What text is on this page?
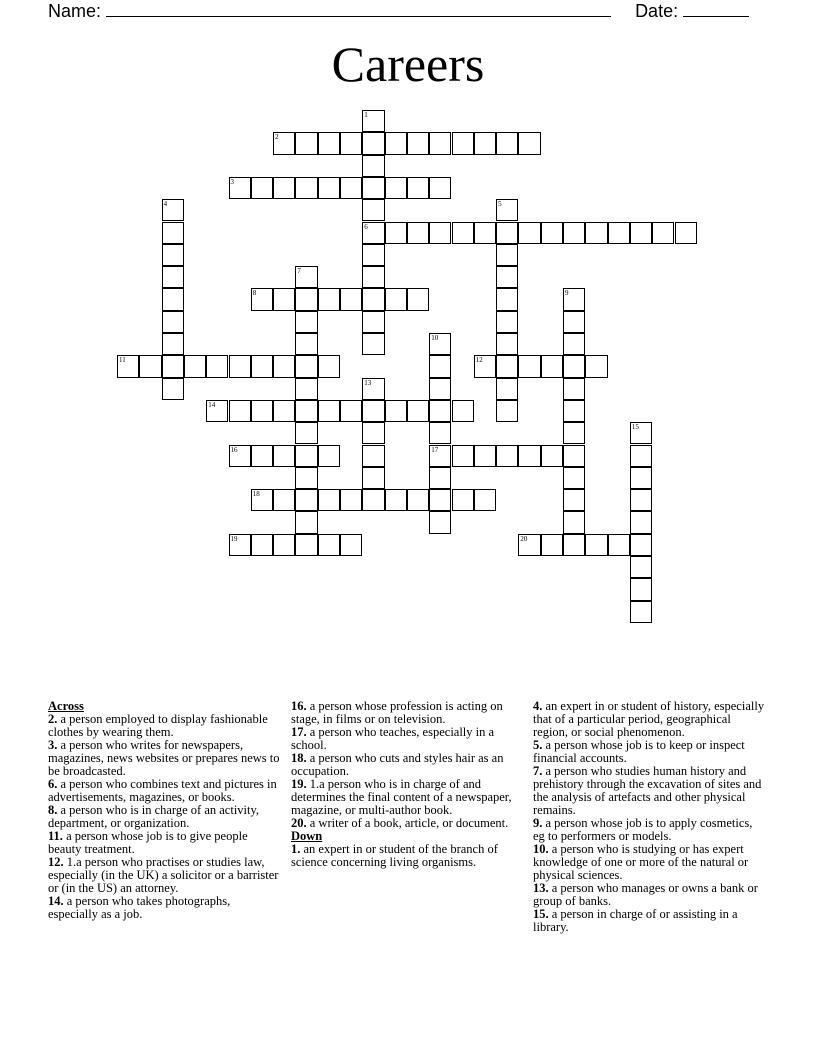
Name:	Date:
Careers
1
6
2
3
4	5
7
8	9
10
17
11	12
13
14
15
16
18
19	20

Across

2. a person employed to display fashionable clothes by wearing them.

3. a person who writes for newspapers, magazines, news websites or prepares news to be broadcasted.

6. a person who combines text and pictures in advertisements, magazines, or books.

8. a person who is in charge of an activity, department, or organization.

11. a person whose job is to give people beauty treatment.

12. 1.a person who practises or studies law, especially (in the UK) a solicitor or a barrister or (in the US) an attorney.

14. a person who takes photographs, especially as a job.

16. a person whose profession is acting on stage, in films or on television.

17. a person who teaches, especially in a school.

18. a person who cuts and styles hair as an occupation.

19. 1.a person who is in charge of and determines the final content of a newspaper, magazine, or multi-author book.

20. a writer of a book, article, or document.

Down

1. an expert in or student of the branch of science concerning living organisms.

4. an expert in or student of history, especially that of a particular period, geographical region, or social phenomenon.

5. a person whose job is to keep or inspect financial accounts.

7. a person who studies human history and prehistory through the excavation of sites and the analysis of artefacts and other physical remains.

9. a person whose job is to apply cosmetics, eg to performers or models.

10. a person who is studying or has expert knowledge of one or more of the natural or physical sciences.

13. a person who manages or owns a bank or group of banks.

15. a person in charge of or assisting in a library.
